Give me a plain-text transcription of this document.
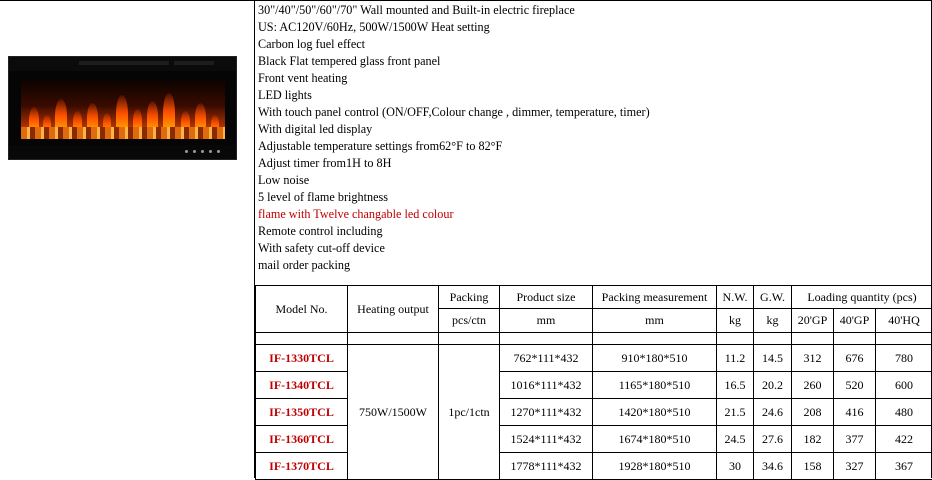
30"/40"/50"/60"/70" Wall mounted and Built-in electric fireplace
US: AC120V/60Hz, 500W/1500W Heat setting
Carbon log fuel effect
Black Flat tempered glass front panel
Front vent heating
LED lights
With touch panel control (ON/OFF,Colour change , dimmer, temperature, timer)
With digital led display
Adjustable temperature settings from62°F to 82°F
Adjust timer from1H to 8H
Low noise
5 level of flame brightness
flame with Twelve changable led colour
Remote control including
With safety cut-off device
mail order packing
Model No.	Heating output	Packing	Product size	Packing measurement	N.W.	G.W.	Loading quantity (pcs)		
		pcs/ctn	mm	mm	kg	kg	20'GP	40'GP	40'HQ

IF-1330TCL	750W/1500W	1pc/1ctn	762*111*432	910*180*510	11.2	14.5	312	676	780
IF-1340TCL			1016*111*432	1165*180*510	16.5	20.2	260	520	600
IF-1350TCL			1270*111*432	1420*180*510	21.5	24.6	208	416	480
IF-1360TCL			1524*111*432	1674*180*510	24.5	27.6	182	377	422
IF-1370TCL			1778*111*432	1928*180*510	30	34.6	158	327	367
